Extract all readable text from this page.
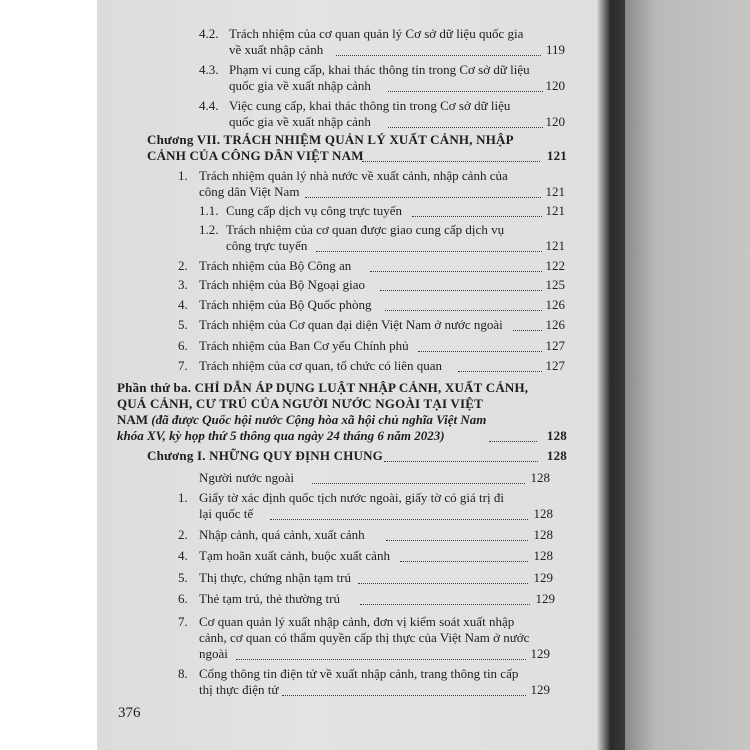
4.2. Trách nhiệm của cơ quan quản lý Cơ sở dữ liệu quốc gia
về xuất nhập cảnh	119
4.3. Phạm vi cung cấp, khai thác thông tin trong Cơ sở dữ liệu
quốc gia về xuất nhập cảnh	120
4.4. Việc cung cấp, khai thác thông tin trong Cơ sở dữ liệu
quốc gia về xuất nhập cảnh	120
Chương VII. TRÁCH NHIỆM QUẢN LÝ XUẤT CẢNH, NHẬP
CẢNH CỦA CÔNG DÂN VIỆT NAM	121
1. Trách nhiệm quản lý nhà nước về xuất cảnh, nhập cảnh của
công dân Việt Nam	121
1.1. Cung cấp dịch vụ công trực tuyến	121
1.2. Trách nhiệm của cơ quan được giao cung cấp dịch vụ
công trực tuyến	121
2. Trách nhiệm của Bộ Công an	122
3. Trách nhiệm của Bộ Ngoại giao	125
4. Trách nhiệm của Bộ Quốc phòng	126
5. Trách nhiệm của Cơ quan đại diện Việt Nam ở nước ngoài	126
6. Trách nhiệm của Ban Cơ yếu Chính phủ	127
7. Trách nhiệm của cơ quan, tổ chức có liên quan	127
Phần thứ ba. CHỈ DẪN ÁP DỤNG LUẬT NHẬP CẢNH, XUẤT CẢNH,
QUÁ CẢNH, CƯ TRÚ CỦA NGƯỜI NƯỚC NGOÀI TẠI VIỆT
NAM (đã được Quốc hội nước Cộng hòa xã hội chủ nghĩa Việt Nam
khóa XV, kỳ họp thứ 5 thông qua ngày 24 tháng 6 năm 2023)	128
Chương I. NHỮNG QUY ĐỊNH CHUNG	128
Người nước ngoài	128
1. Giấy tờ xác định quốc tịch nước ngoài, giấy tờ có giá trị đi
lại quốc tế	128
2. Nhập cảnh, quá cảnh, xuất cảnh	128
4. Tạm hoãn xuất cảnh, buộc xuất cảnh	128
5. Thị thực, chứng nhận tạm trú	129
6. Thẻ tạm trú, thẻ thường trú	129
7. Cơ quan quản lý xuất nhập cảnh, đơn vị kiểm soát xuất nhập
cảnh, cơ quan có thẩm quyền cấp thị thực của Việt Nam ở nước
ngoài	129
8. Cổng thông tin điện tử về xuất nhập cảnh, trang thông tin cấp
thị thực điện tử	129
376
